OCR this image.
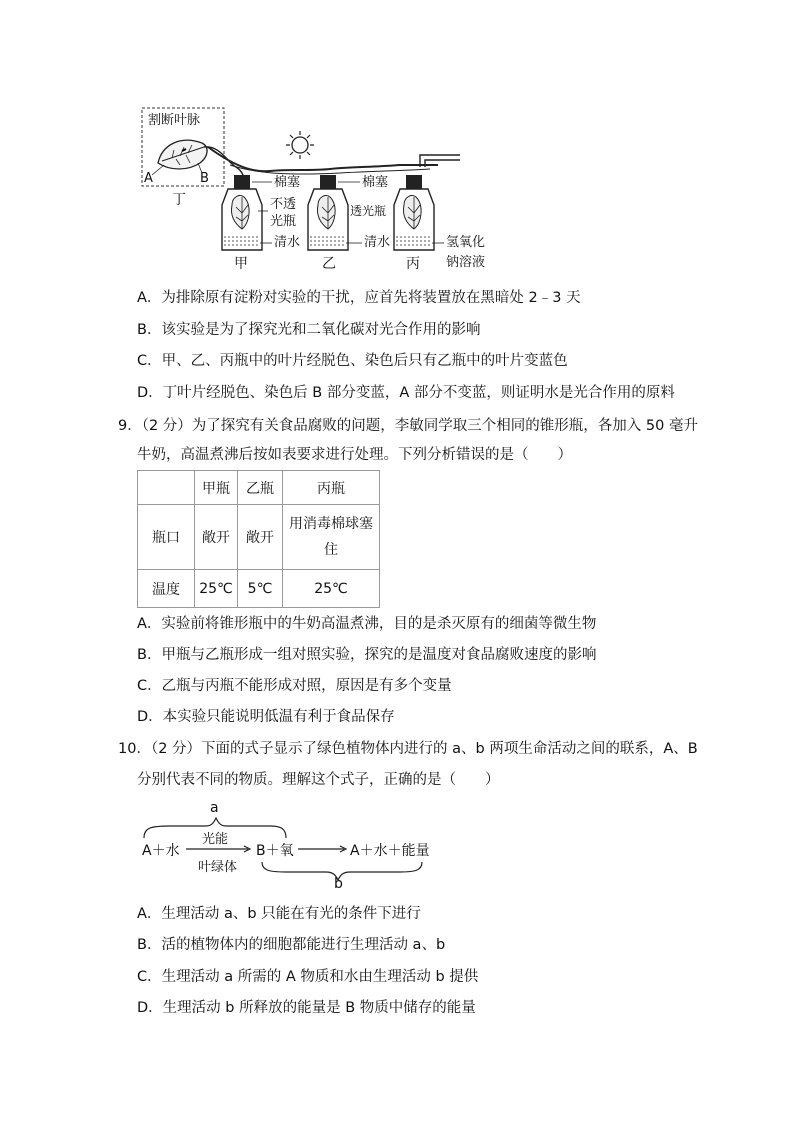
割断叶脉
A	B
丁
棉塞	棉塞
不透
光瓶
透光瓶
清水	清水	氢氧化
钠溶液
甲	乙	丙
A．为排除原有淀粉对实验的干扰，应首先将装置放在黑暗处 2﹣3 天
B．该实验是为了探究光和二氧化碳对光合作用的影响
C．甲、乙、丙瓶中的叶片经脱色、染色后只有乙瓶中的叶片变蓝色
D．丁叶片经脱色、染色后 B 部分变蓝，A 部分不变蓝，则证明水是光合作用的原料
9．（2 分）为了探究有关食品腐败的问题，李敏同学取三个相同的锥形瓶，各加入 50 毫升
牛奶，高温煮沸后按如表要求进行处理。下列分析错误的是（　　）
	甲瓶	乙瓶	丙瓶
瓶口	敞开	敞开	用消毒棉球塞
住

温度	25℃	5℃	25℃
A．实验前将锥形瓶中的牛奶高温煮沸，目的是杀灭原有的细菌等微生物
B．甲瓶与乙瓶形成一组对照实验，探究的是温度对食品腐败速度的影响
C．乙瓶与丙瓶不能形成对照，原因是有多个变量
D．本实验只能说明低温有利于食品保存
10．（2 分）下面的式子显示了绿色植物体内进行的 a、b 两项生命活动之间的联系，A、B
分别代表不同的物质。理解这个式子，正确的是（　　）
a
光能
A＋水
叶绿体
B＋氧	A＋水＋能量
b
A．生理活动 a、b 只能在有光的条件下进行
B．活的植物体内的细胞都能进行生理活动 a、b
C．生理活动 a 所需的 A 物质和水由生理活动 b 提供
D．生理活动 b 所释放的能量是 B 物质中储存的能量
